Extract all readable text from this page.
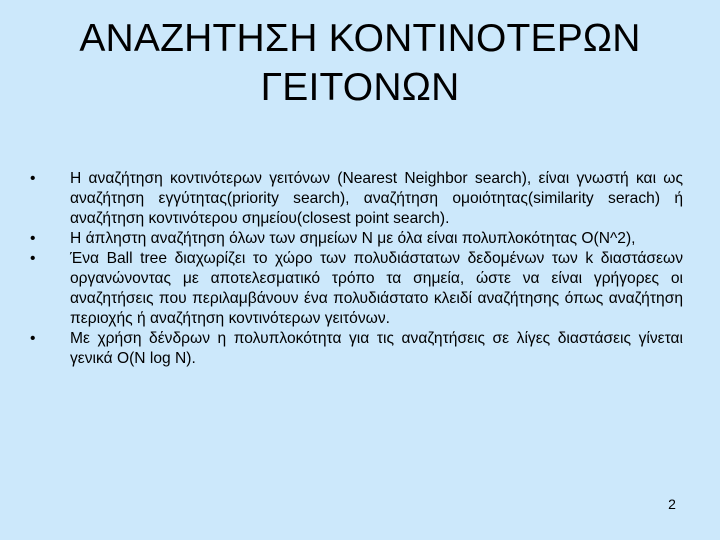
ΑΝΑΖΗΤΗΣΗ ΚΟΝΤΙΝΟΤΕΡΩΝ
ΓΕΙΤΟΝΩΝ
•	Η αναζήτηση κοντινότερων γειτόνων (Nearest Neighbor search), είναι γνωστή και ως αναζήτηση εγγύτητας(priority search), αναζήτηση ομοιότητας(similarity serach) ή αναζήτηση κοντινότερου σημείου(closest point search).
•	Η άπληστη αναζήτηση όλων των σημείων Ν με όλα είναι πολυπλοκότητας Ο(Ν^2),
•	Ένα Ball tree διαχωρίζει το χώρο των πολυδιάστατων δεδομένων των k διαστάσεων οργανώνοντας με αποτελεσματικό τρόπο τα σημεία, ώστε να είναι γρήγορες οι αναζητήσεις που περιλαμβάνουν ένα πολυδιάστατο κλειδί αναζήτησης όπως αναζήτηση περιοχής ή αναζήτηση κοντινότερων γειτόνων.
•	Με χρήση δένδρων η πολυπλοκότητα για τις αναζητήσεις σε λίγες διαστάσεις γίνεται γενικά Ο(Ν log N).
2
